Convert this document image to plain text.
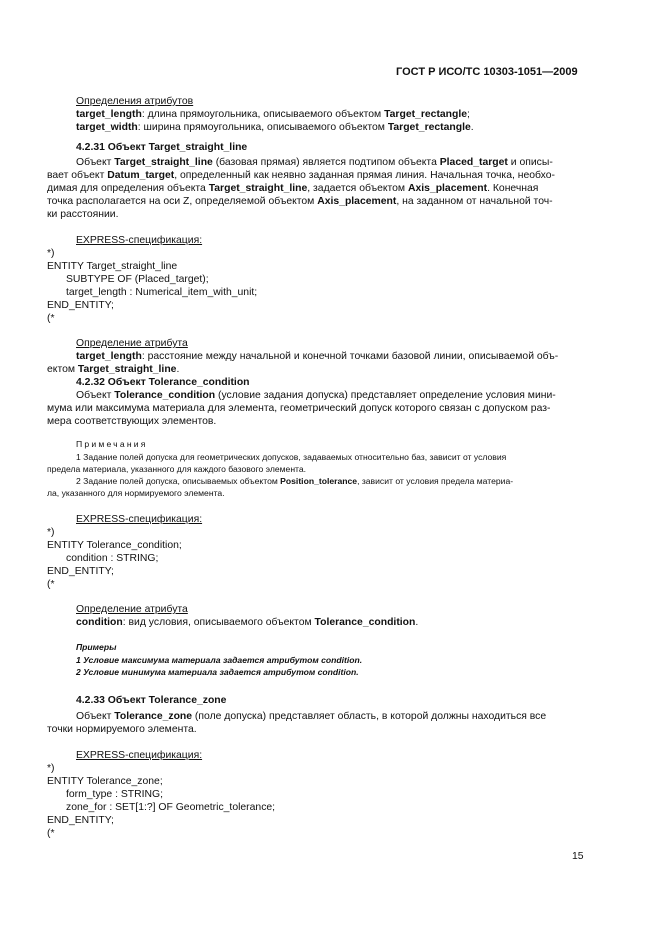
ГОСТ Р ИСО/ТС 10303-1051—2009
Определения атрибутов
target_length: длина прямоугольника, описываемого объектом Target_rectangle;
target_width: ширина прямоугольника, описываемого объектом Target_rectangle.
4.2.31 Объект Target_straight_line
Объект Target_straight_line (базовая прямая) является подтипом объекта Placed_target и описы-
вает объект Datum_target, определенный как неявно заданная прямая линия. Начальная точка, необхо-
димая для определения объекта Target_straight_line, задается объектом Axis_placement. Конечная
точка располагается на оси Z, определяемой объектом Axis_placement, на заданном от начальной точ-
ки расстоянии.
EXPRESS-спецификация:
*)
ENTITY Target_straight_line
SUBTYPE OF (Placed_target);
target_length : Numerical_item_with_unit;
END_ENTITY;
(*
Определение атрибута
target_length: расстояние между начальной и конечной точками базовой линии, описываемой объ-
ектом Target_straight_line.
4.2.32 Объект Tolerance_condition
Объект Tolerance_condition (условие задания допуска) представляет определение условия мини-
мума или максимума материала для элемента, геометрический допуск которого связан с допуском раз-
мера соответствующих элементов.
Примечания
1 Задание полей допуска для геометрических допусков, задаваемых относительно баз, зависит от условия
предела материала, указанного для каждого базового элемента.
2 Задание полей допуска, описываемых объектом Position_tolerance, зависит от условия предела материа-
ла, указанного для нормируемого элемента.
EXPRESS-спецификация:
*)
ENTITY Tolerance_condition;
condition : STRING;
END_ENTITY;
(*
Определение атрибута
condition: вид условия, описываемого объектом Tolerance_condition.
Примеры
1 Условие максимума материала задается атрибутом condition.
2 Условие минимума материала задается атрибутом condition.
4.2.33 Объект Tolerance_zone
Объект Tolerance_zone (поле допуска) представляет область, в которой должны находиться все
точки нормируемого элемента.
EXPRESS-спецификация:
*)
ENTITY Tolerance_zone;
form_type : STRING;
zone_for : SET[1:?] OF Geometric_tolerance;
END_ENTITY;
(*
15
